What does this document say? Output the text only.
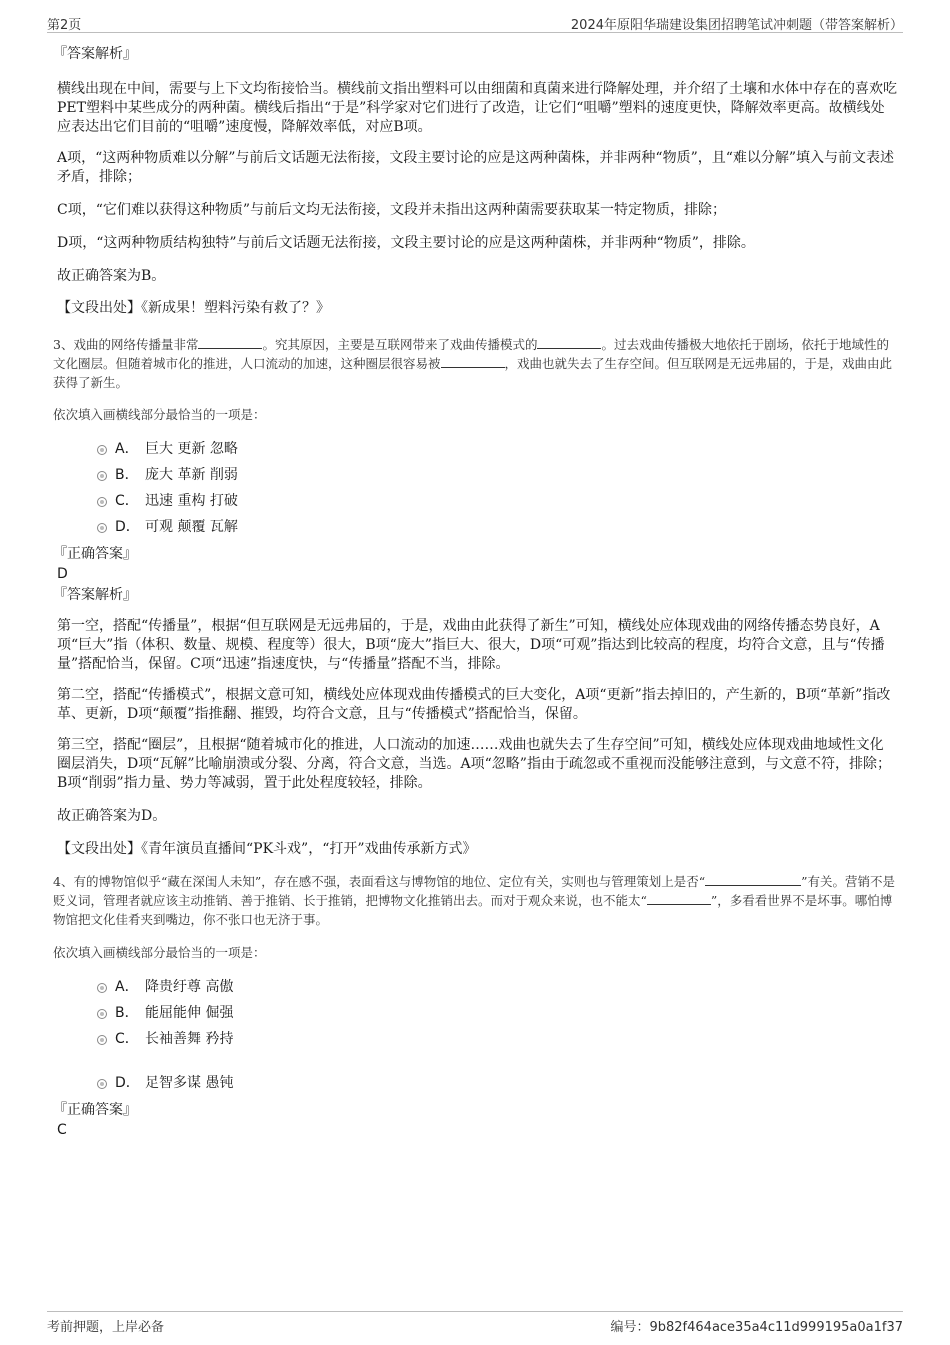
第2页	2024年原阳华瑞建设集团招聘笔试冲刺题（带答案解析）

『答案解析』

横线出现在中间，需要与上下文均衔接恰当。横线前文指出塑料可以由细菌和真菌来进行降解处理，并介绍了土壤和水体中存在的喜欢吃PET塑料中某些成分的两种菌。横线后指出“于是”科学家对它们进行了改造，让它们“咀嚼”塑料的速度更快，降解效率更高。故横线处应表达出它们目前的“咀嚼”速度慢，降解效率低，对应B项。

A项，“这两种物质难以分解”与前后文话题无法衔接，文段主要讨论的应是这两种菌株，并非两种“物质”，且“难以分解”填入与前文表述矛盾，排除；

C项，“它们难以获得这种物质”与前后文均无法衔接，文段并未指出这两种菌需要获取某一特定物质，排除；

D项，“这两种物质结构独特”与前后文话题无法衔接，文段主要讨论的应是这两种菌株，并非两种“物质”，排除。

故正确答案为B。

【文段出处】《新成果！塑料污染有救了？》

3、戏曲的网络传播量非常	。究其原因，主要是互联网带来了戏曲传播模式的	。过去戏曲传播极大地依托于剧场，依托于地域性的文化圈层。但随着城市化的推进，人口流动的加速，这种圈层很容易被	，戏曲也就失去了生存空间。但互联网是无远弗届的，于是，戏曲由此获得了新生。

依次填入画横线部分最恰当的一项是：

A． 巨大 更新 忽略
B． 庞大 革新 削弱
C． 迅速 重构 打破
D． 可观 颠覆 瓦解

『正确答案』

D

『答案解析』

第一空，搭配“传播量”，根据“但互联网是无远弗届的，于是，戏曲由此获得了新生”可知，横线处应体现戏曲的网络传播态势良好，A项“巨大”指（体积、数量、规模、程度等）很大，B项“庞大”指巨大、很大，D项“可观”指达到比较高的程度，均符合文意，且与“传播量”搭配恰当，保留。C项“迅速”指速度快，与“传播量”搭配不当，排除。

第二空，搭配“传播模式”，根据文意可知，横线处应体现戏曲传播模式的巨大变化，A项“更新”指去掉旧的，产生新的，B项“革新”指改革、更新，D项“颠覆”指推翻、摧毁，均符合文意，且与“传播模式”搭配恰当，保留。

第三空，搭配“圈层”，且根据“随着城市化的推进，人口流动的加速……戏曲也就失去了生存空间”可知，横线处应体现戏曲地域性文化圈层消失，D项“瓦解”比喻崩溃或分裂、分离，符合文意，当选。A项“忽略”指由于疏忽或不重视而没能够注意到，与文意不符，排除；B项“削弱”指力量、势力等减弱，置于此处程度较轻，排除。

故正确答案为D。

【文段出处】《青年演员直播间“PK斗戏”，“打开”戏曲传承新方式》

4、有的博物馆似乎“藏在深闺人未知”，存在感不强，表面看这与博物馆的地位、定位有关，实则也与管理策划上是否“	”有关。营销不是贬义词，管理者就应该主动推销、善于推销、长于推销，把博物文化推销出去。而对于观众来说，也不能太“	”，多看看世界不是坏事。哪怕博物馆把文化佳肴夹到嘴边，你不张口也无济于事。

依次填入画横线部分最恰当的一项是：

A． 降贵纡尊 高傲
B． 能屈能伸 倔强
C． 长袖善舞 矜持
D． 足智多谋 愚钝

『正确答案』

C

考前押题，上岸必备	编号：9b82f464ace35a4c11d999195a0a1f37
